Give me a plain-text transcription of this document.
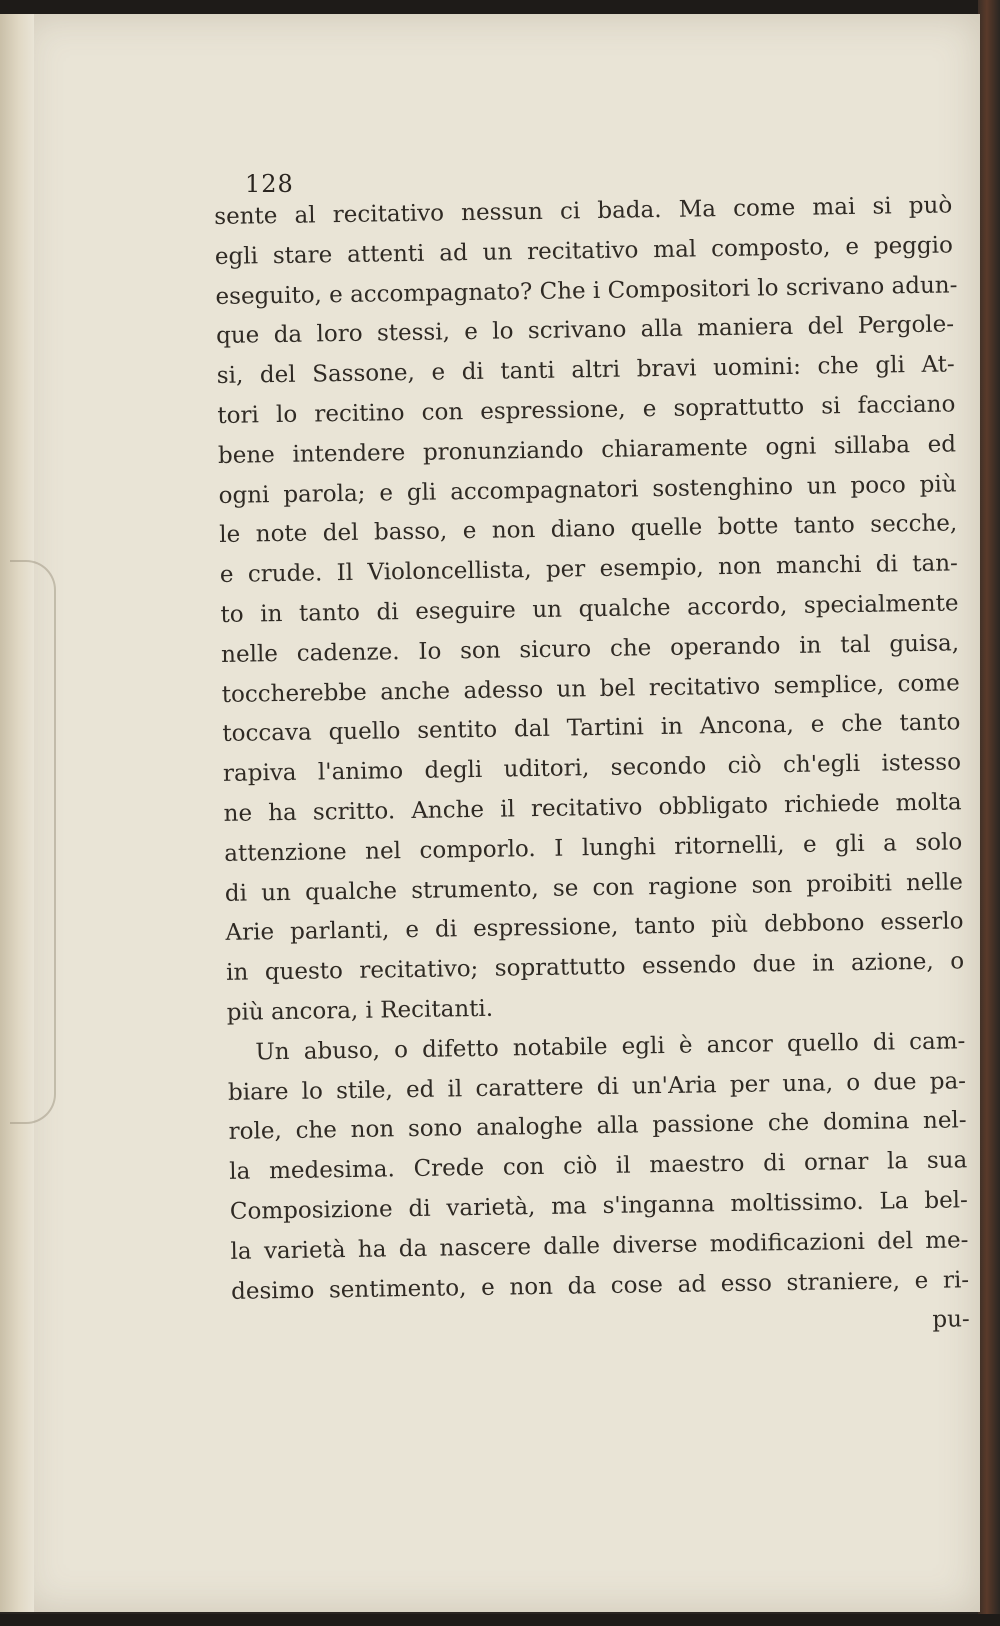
128
sente al recitativo nessun ci bada. Ma come mai si può
egli stare attenti ad un recitativo mal composto, e peggio
eseguito, e accompagnato? Che i Compositori lo scrivano adun-
que da loro stessi, e lo scrivano alla maniera del Pergole-
si, del Sassone, e di tanti altri bravi uomini: che gli At-
tori lo recitino con espressione, e soprattutto si facciano
bene intendere pronunziando chiaramente ogni sillaba ed
ogni parola; e gli accompagnatori sostenghino un poco più
le note del basso, e non diano quelle botte tanto secche,
e crude. Il Violoncellista, per esempio, non manchi di tan-
to in tanto di eseguire un qualche accordo, specialmente
nelle cadenze. Io son sicuro che operando in tal guisa,
toccherebbe anche adesso un bel recitativo semplice, come
toccava quello sentito dal Tartini in Ancona, e che tanto
rapiva l'animo degli uditori, secondo ciò ch'egli istesso
ne ha scritto. Anche il recitativo obbligato richiede molta
attenzione nel comporlo. I lunghi ritornelli, e gli a solo
di un qualche strumento, se con ragione son proibiti nelle
Arie parlanti, e di espressione, tanto più debbono esserlo
in questo recitativo; soprattutto essendo due in azione, o
più ancora, i Recitanti.
Un abuso, o difetto notabile egli è ancor quello di cam-
biare lo stile, ed il carattere di un'Aria per una, o due pa-
role, che non sono analoghe alla passione che domina nel-
la medesima. Crede con ciò il maestro di ornar la sua
Composizione di varietà, ma s'inganna moltissimo. La bel-
la varietà ha da nascere dalle diverse modificazioni del me-
desimo sentimento, e non da cose ad esso straniere, e ri-
pu-
